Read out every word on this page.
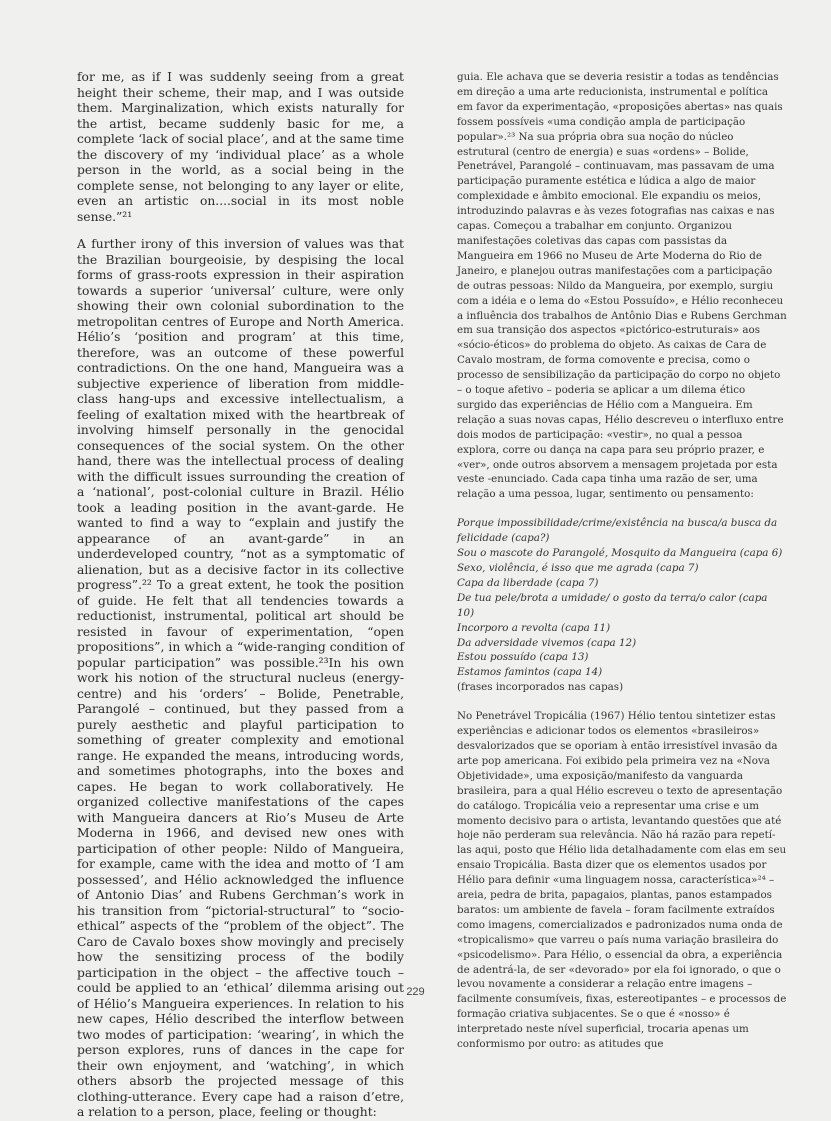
for me, as if I was suddenly seeing from a great height their scheme, their map, and I was outside them. Marginalization, which exists naturally for the artist, became suddenly basic for me, a complete ‘lack of social place’, and at the same time the discovery of my ‘individual place’ as a whole person in the world, as a social being in the complete sense, not belonging to any layer or elite, even an artistic on....social in its most noble sense.”²¹

A further irony of this inversion of values was that the Brazilian bourgeoisie, by despising the local forms of grass-roots expression in their aspiration towards a superior ‘universal’ culture, were only showing their own colonial subordination to the metropolitan centres of Europe and North America. Hélio’s ‘position and program’ at this time, therefore, was an outcome of these powerful contradictions. On the one hand, Mangueira was a subjective experience of liberation from middle-class hang-ups and excessive intellectualism, a feeling of exaltation mixed with the heartbreak of involving himself personally in the genocidal consequences of the social system. On the other hand, there was the intellectual process of dealing with the difficult issues surrounding the creation of a ‘national’, post-colonial culture in Brazil. Hélio took a leading position in the avant-garde. He wanted to find a way to “explain and justify the appearance of an avant-garde” in an underdeveloped country, “not as a symptomatic of alienation, but as a decisive factor in its collective progress”.²² To a great extent, he took the position of guide. He felt that all tendencies towards a reductionist, instrumental, political art should be resisted in favour of experimentation, “open propositions”, in which a “wide-ranging condition of popular participation” was possible.²³In his own work his notion of the structural nucleus (energy-centre) and his ‘orders’ – Bolide, Penetrable, Parangolé – continued, but they passed from a purely aesthetic and playful participation to something of greater complexity and emotional range. He expanded the means, introducing words, and sometimes photographs, into the boxes and capes. He began to work collaboratively. He organized collective manifestations of the capes with Mangueira dancers at Rio’s Museu de Arte Moderna in 1966, and devised new ones with participation of other people: Nildo of Mangueira, for example, came with the idea and motto of ‘I am possessed’, and Hélio acknowledged the influence of Antonio Dias’ and Rubens Gerchman’s work in his transition from “pictorial-structural” to “socio-ethical” aspects of the “problem of the object”. The Caro de Cavalo boxes show movingly and precisely how the sensitizing process of the bodily participation in the object – the affective touch – could be applied to an ‘ethical’ dilemma arising out of Hélio’s Mangueira experiences. In relation to his new capes, Hélio described the interflow between two modes of participation: ‘wearing’, in which the person explores, runs of dances in the cape for their own enjoyment, and ‘watching’, in which others absorb the projected message of this clothing-utterance. Every cape had a raison d’etre, a relation to a person, place, feeling or thought:

guia. Ele achava que se deveria resistir a todas as tendências em direção a uma arte reducionista, instrumental e política em favor da experimentação, «proposições abertas» nas quais fossem possíveis «uma condição ampla de participação popular».²³ Na sua própria obra sua noção do núcleo estrutural (centro de energia) e suas «ordens» – Bolide, Penetrável, Parangolé – continuavam, mas passavam de uma participação puramente estética e lúdica a algo de maior complexidade e âmbito emocional. Ele expandiu os meios, introduzindo palavras e às vezes fotografias nas caixas e nas capas. Começou a trabalhar em conjunto. Organizou manifestações coletivas das capas com passistas da Mangueira em 1966 no Museu de Arte Moderna do Rio de Janeiro, e planejou outras manifestações com a participação de outras pessoas: Nildo da Mangueira, por exemplo, surgiu com a idéia e o lema do «Estou Possuído», e Hélio reconheceu a influência dos trabalhos de Antônio Dias e Rubens Gerchman em sua transição dos aspectos «pictórico-estruturais» aos «sócio-éticos» do problema do objeto. As caixas de Cara de Cavalo mostram, de forma comovente e precisa, como o processo de sensibilização da participação do corpo no objeto – o toque afetivo – poderia se aplicar a um dilema ético surgido das experiências de Hélio com a Mangueira. Em relação a suas novas capas, Hélio descreveu o interfluxo entre dois modos de participação: «vestir», no qual a pessoa explora, corre ou dança na capa para seu próprio prazer, e «ver», onde outros absorvem a mensagem projetada por esta veste -enunciado. Cada capa tinha uma razão de ser, uma relação a uma pessoa, lugar, sentimento ou pensamento:

Porque impossibilidade/crime/existência na busca/a busca da felicidade (capa?)
Sou o mascote do Parangolé, Mosquito da Mangueira (capa 6)
Sexo, violência, é isso que me agrada (capa 7)
Capa da liberdade (capa 7)
De tua pele/brota a umidade/ o gosto da terra/o calor (capa 10)
Incorporo a revolta (capa 11)
Da adversidade vivemos (capa 12)
Estou possuído (capa 13)
Estamos famintos (capa 14)
(frases incorporados nas capas)

No Penetrável Tropicália (1967) Hélio tentou sintetizer estas experiências e adicionar todos os elementos «brasileiros» desvalorizados que se oporiam à então irresistível invasão da arte pop americana. Foi exibido pela primeira vez na «Nova Objetividade», uma exposição/manifesto da vanguarda brasileira, para a qual Hélio escreveu o texto de apresentação do catálogo. Tropicália veio a representar uma crise e um momento decisivo para o artista, levantando questões que até hoje não perderam sua relevância. Não há razão para repetí-las aqui, posto que Hélio lida detalhadamente com elas em seu ensaio Tropicália. Basta dizer que os elementos usados por Hélio para definir «uma linguagem nossa, característica»²⁴ – areia, pedra de brita, papagaios, plantas, panos estampados baratos: um ambiente de favela – foram facilmente extraídos como imagens, comercializados e padronizados numa onda de «tropicalismo» que varreu o país numa variação brasileira do «psicodelismo». Para Hélio, o essencial da obra, a experiência de adentrá-la, de ser «devorado» por ela foi ignorado, o que o levou novamente a considerar a relação entre imagens – facilmente consumíveis, fixas, estereotipantes – e processos de formação criativa subjacentes. Se o que é «nosso» é interpretado neste nível superficial, trocaria apenas um conformismo por outro: as atitudes que

229
